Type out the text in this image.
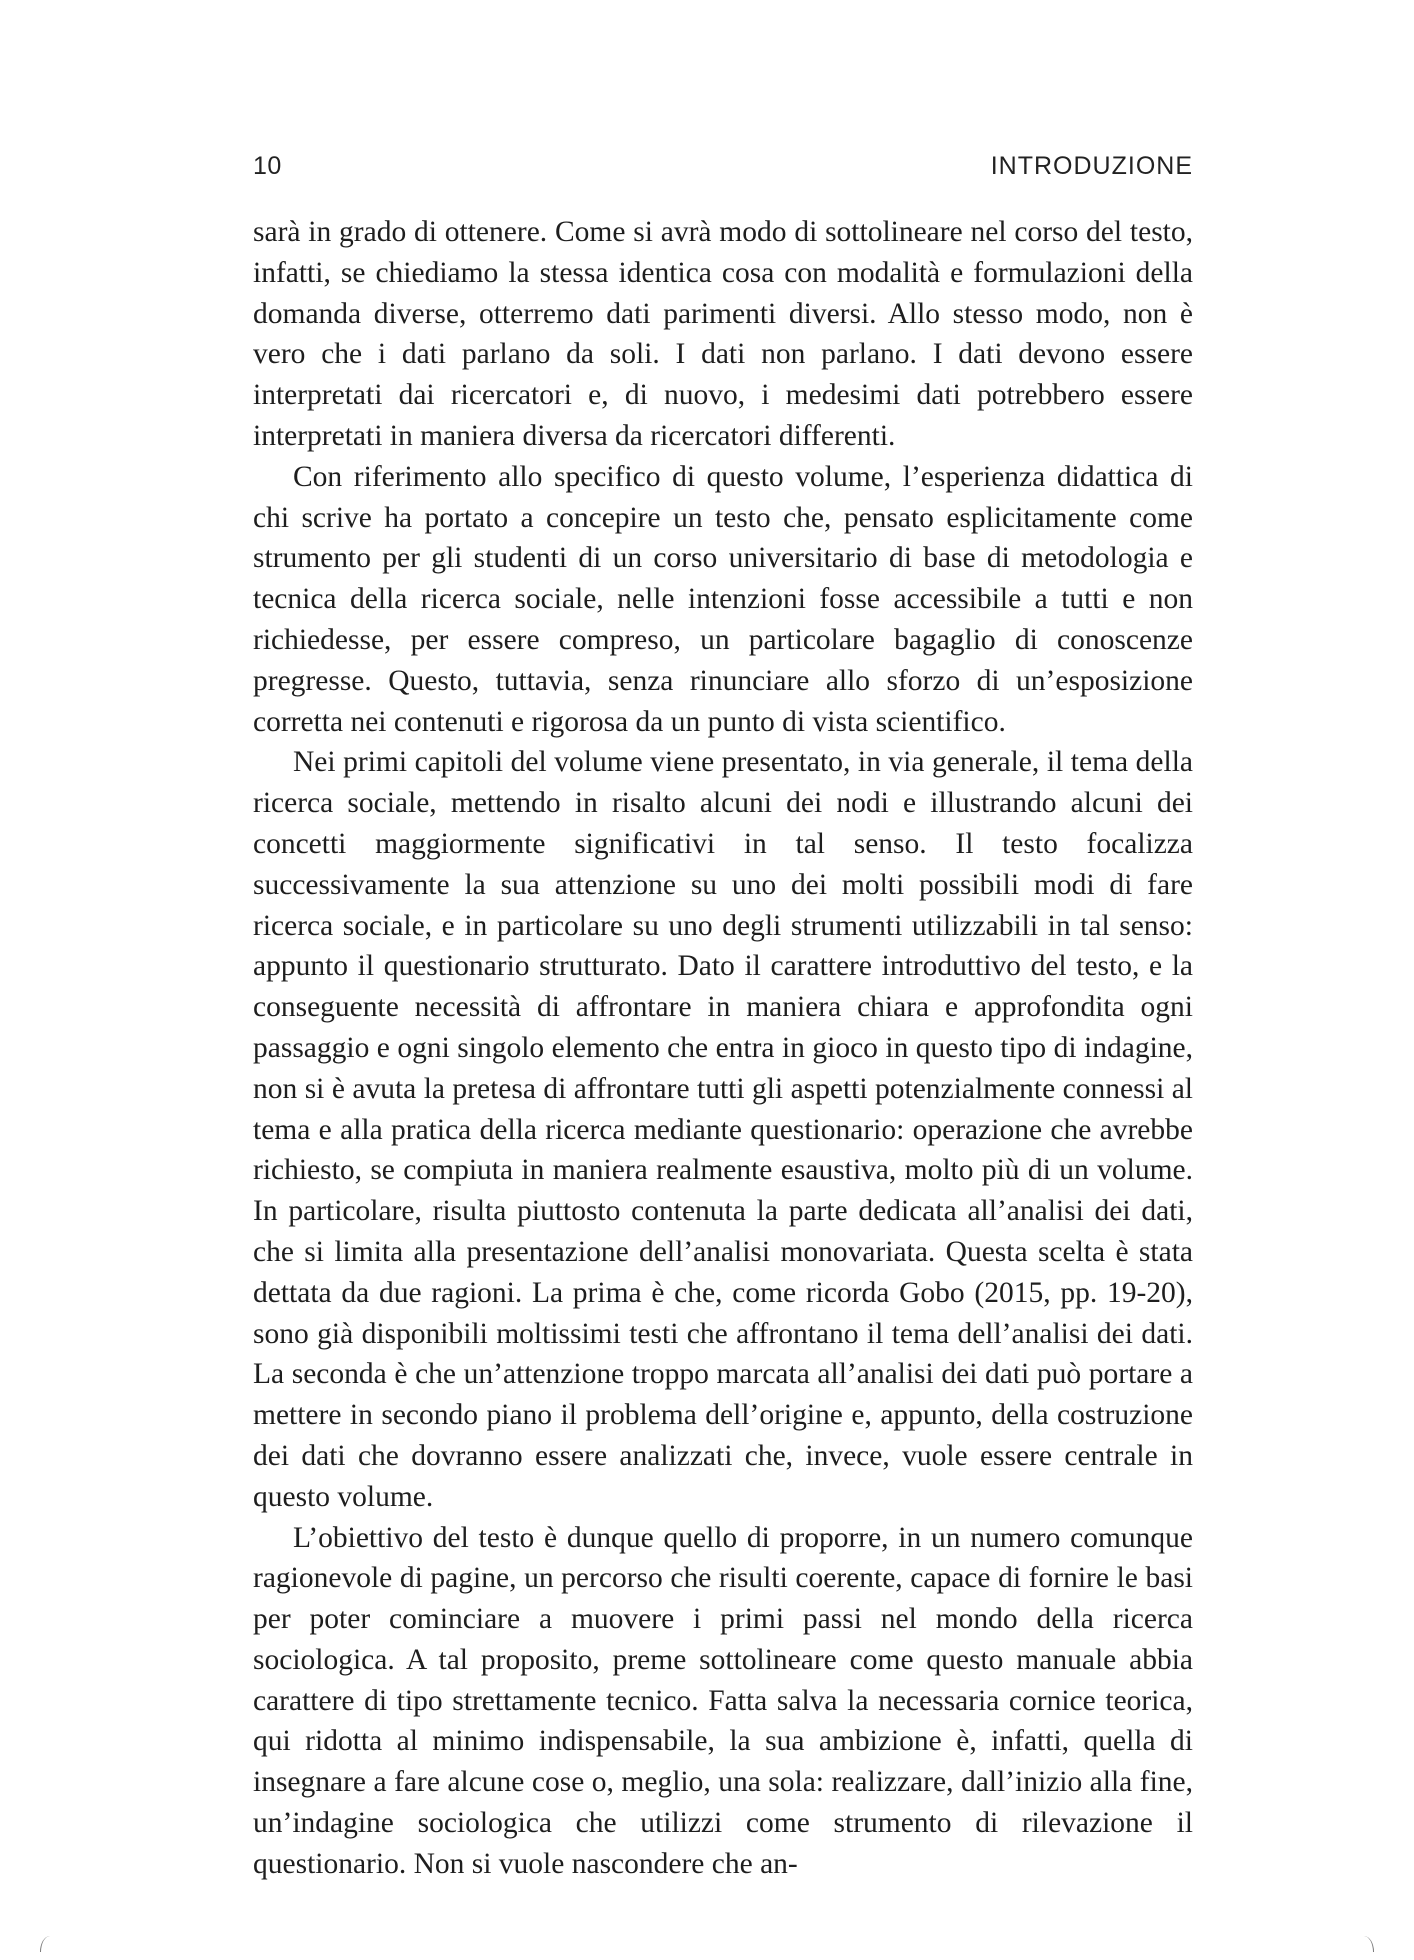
10	INTRODUZIONE

sarà in grado di ottenere. Come si avrà modo di sottolineare nel corso del testo, infatti, se chiediamo la stessa identica cosa con modalità e formulazioni della domanda diverse, otterremo dati parimenti diversi. Allo stesso modo, non è vero che i dati parlano da soli. I dati non parlano. I dati devono essere interpretati dai ricercatori e, di nuovo, i medesimi dati potrebbero essere interpretati in maniera diversa da ricercatori differenti.

Con riferimento allo specifico di questo volume, l’esperienza didattica di chi scrive ha portato a concepire un testo che, pensato esplicitamente come strumento per gli studenti di un corso universitario di base di metodologia e tecnica della ricerca sociale, nelle intenzioni fosse accessibile a tutti e non richiedesse, per essere compreso, un particolare bagaglio di conoscenze pregresse. Questo, tuttavia, senza rinunciare allo sforzo di un’esposizione corretta nei contenuti e rigorosa da un punto di vista scientifico.

Nei primi capitoli del volume viene presentato, in via generale, il tema della ricerca sociale, mettendo in risalto alcuni dei nodi e illustrando alcuni dei concetti maggiormente significativi in tal senso. Il testo focalizza successivamente la sua attenzione su uno dei molti possibili modi di fare ricerca sociale, e in particolare su uno degli strumenti utilizzabili in tal senso: appunto il questionario strutturato. Dato il carattere introduttivo del testo, e la conseguente necessità di affrontare in maniera chiara e approfondita ogni passaggio e ogni singolo elemento che entra in gioco in questo tipo di indagine, non si è avuta la pretesa di affrontare tutti gli aspetti potenzialmente connessi al tema e alla pratica della ricerca mediante questionario: operazione che avrebbe richiesto, se compiuta in maniera realmente esaustiva, molto più di un volume. In particolare, risulta piuttosto contenuta la parte dedicata all’analisi dei dati, che si limita alla presentazione dell’analisi monovariata. Questa scelta è stata dettata da due ragioni. La prima è che, come ricorda Gobo (2015, pp. 19-20), sono già disponibili moltissimi testi che affrontano il tema dell’analisi dei dati. La seconda è che un’attenzione troppo marcata all’analisi dei dati può portare a mettere in secondo piano il problema dell’origine e, appunto, della costruzione dei dati che dovranno essere analizzati che, invece, vuole essere centrale in questo volume.

L’obiettivo del testo è dunque quello di proporre, in un numero comunque ragionevole di pagine, un percorso che risulti coerente, capace di fornire le basi per poter cominciare a muovere i primi passi nel mondo della ricerca sociologica. A tal proposito, preme sottolineare come questo manuale abbia carattere di tipo strettamente tecnico. Fatta salva la necessaria cornice teorica, qui ridotta al minimo indispensabile, la sua ambizione è, infatti, quella di insegnare a fare alcune cose o, meglio, una sola: realizzare, dall’inizio alla fine, un’indagine sociologica che utilizzi come strumento di rilevazione il questionario. Non si vuole nascondere che an-
